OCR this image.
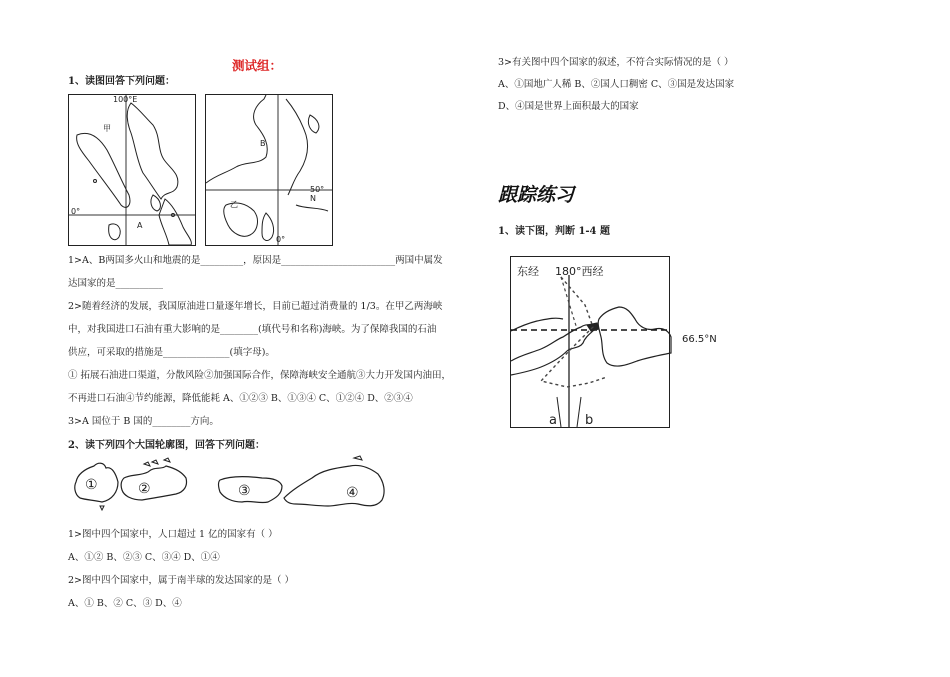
测试组：
1、读图回答下列问题：
100°E
甲
0°
A
B
50° N
乙
0°
1>A、B两国多火山和地震的是_________，原因是________________________两国中属发
达国家的是__________
2>随着经济的发展，我国原油进口量逐年增长，目前已超过消费量的 1/3。在甲乙两海峡
中，对我国进口石油有重大影响的是________(填代号和名称)海峡。为了保障我国的石油
供应，可采取的措施是______________(填字母)。
① 拓展石油进口渠道，分散风险②加强国际合作，保障海峡安全通航③大力开发国内油田，
不再进口石油④节约能源，降低能耗 A、①②③ B、①③④ C、①②④ D、②③④
3>A 国位于 B 国的________方向。
2、读下列四个大国轮廓图，回答下列问题：
①	②	③	④
1>图中四个国家中，人口超过 1 亿的国家有（ ）
A、①② B、②③ C、③④ D、①④
2>图中四个国家中，属于南半球的发达国家的是（ ）
A、① B、② C、③ D、④
3>有关图中四个国家的叙述，不符合实际情况的是（ ）
A、①国地广人稀 B、②国人口稠密 C、③国是发达国家
D、④国是世界上面积最大的国家
跟踪练习
1、读下图，判断 1-4 题
东经 180°西经
a b
66.5°N
